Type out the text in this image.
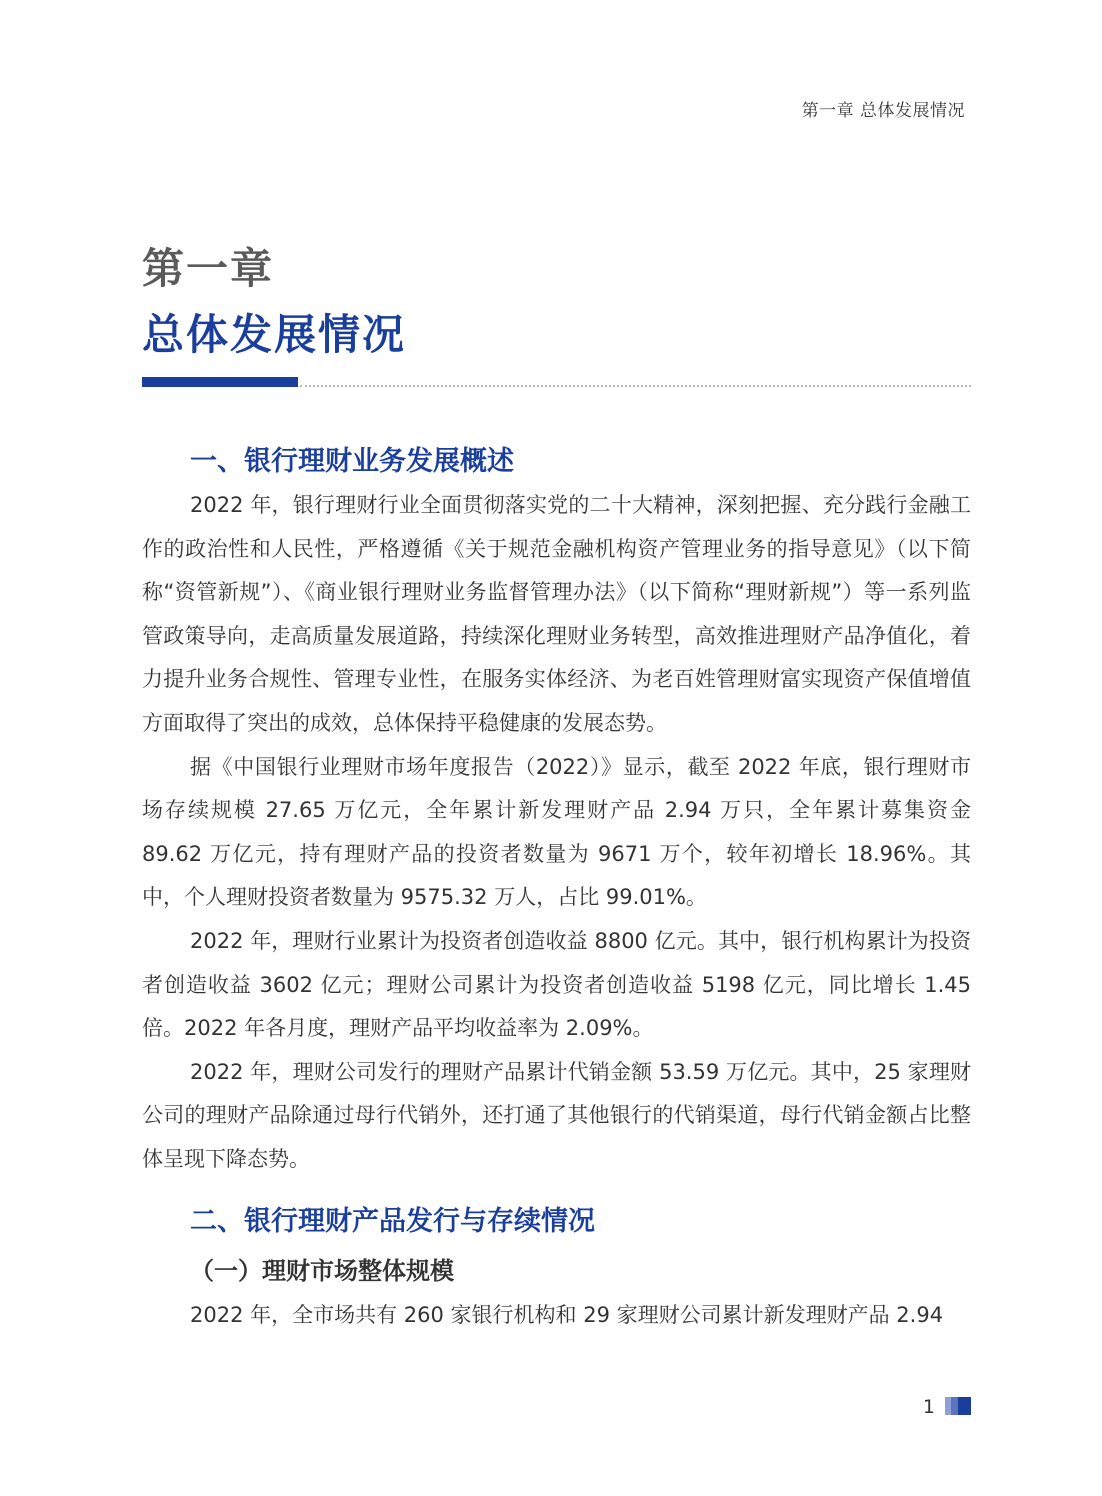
第一章 总体发展情况
第一章
总体发展情况
一、银行理财业务发展概述

2022 年，银行理财行业全面贯彻落实党的二十大精神，深刻把握、充分践行金融工作的政治性和人民性，严格遵循《关于规范金融机构资产管理业务的指导意见》（以下简称“资管新规”）、《商业银行理财业务监督管理办法》（以下简称“理财新规”）等一系列监管政策导向，走高质量发展道路，持续深化理财业务转型，高效推进理财产品净值化，着力提升业务合规性、管理专业性，在服务实体经济、为老百姓管理财富实现资产保值增值方面取得了突出的成效，总体保持平稳健康的发展态势。

据《中国银行业理财市场年度报告（2022）》显示，截至 2022 年底，银行理财市场存续规模 27.65 万亿元，全年累计新发理财产品 2.94 万只，全年累计募集资金 89.62 万亿元，持有理财产品的投资者数量为 9671 万个，较年初增长 18.96%。其中，个人理财投资者数量为 9575.32 万人，占比 99.01%。

2022 年，理财行业累计为投资者创造收益 8800 亿元。其中，银行机构累计为投资者创造收益 3602 亿元；理财公司累计为投资者创造收益 5198 亿元，同比增长 1.45 倍。2022 年各月度，理财产品平均收益率为 2.09%。

2022 年，理财公司发行的理财产品累计代销金额 53.59 万亿元。其中，25 家理财公司的理财产品除通过母行代销外，还打通了其他银行的代销渠道，母行代销金额占比整体呈现下降态势。

二、银行理财产品发行与存续情况
（一）理财市场整体规模

2022 年，全市场共有 260 家银行机构和 29 家理财公司累计新发理财产品 2.94

1
